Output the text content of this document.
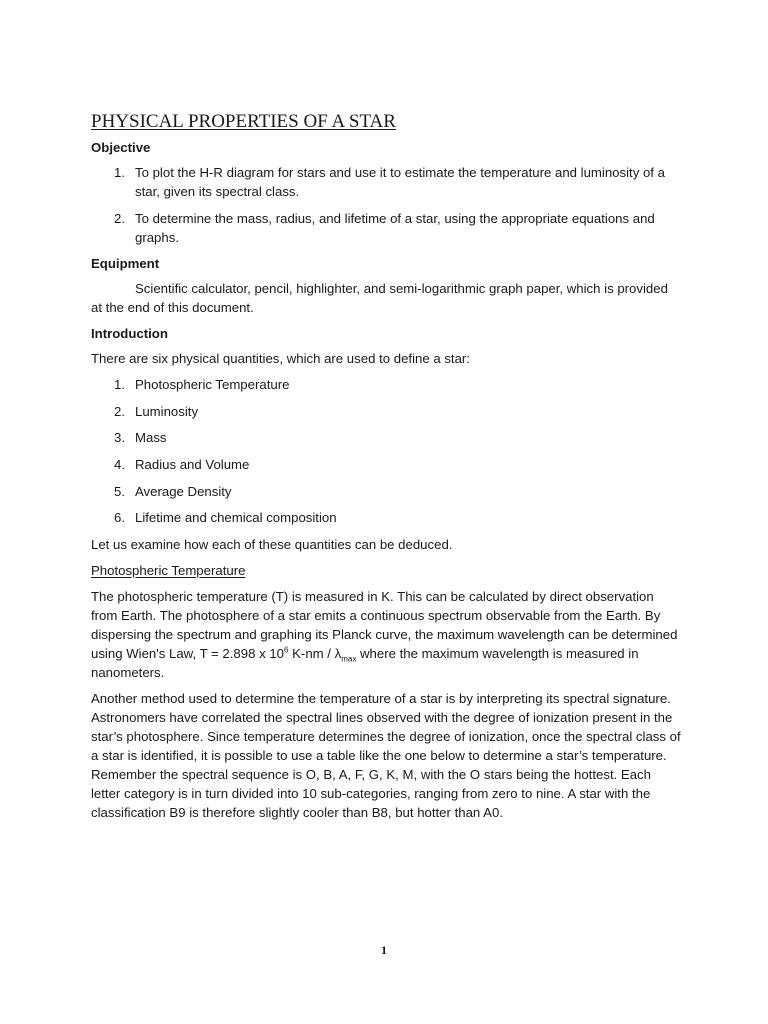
PHYSICAL PROPERTIES OF A STAR
Objective
1. To plot the H-R diagram for stars and use it to estimate the temperature and luminosity of a star, given its spectral class.
2. To determine the mass, radius, and lifetime of a star, using the appropriate equations and graphs.
Equipment

Scientific calculator, pencil, highlighter, and semi-logarithmic graph paper, which is provided at the end of this document.

Introduction

There are six physical quantities, which are used to define a star:

1. Photospheric Temperature
2. Luminosity
3. Mass
4. Radius and Volume
5. Average Density
6. Lifetime and chemical composition

Let us examine how each of these quantities can be deduced.

Photospheric Temperature

The photospheric temperature (T) is measured in K. This can be calculated by direct observation from Earth. The photosphere of a star emits a continuous spectrum observable from the Earth. By dispersing the spectrum and graphing its Planck curve, the maximum wavelength can be determined using Wien's Law, T = 2.898 x $10^6$ $K-nm / \lambda_{max}$ where the maximum wavelength is measured in nanometers.

Another method used to determine the temperature of a star is by interpreting its spectral signature. Astronomers have correlated the spectral lines observed with the degree of ionization present in the star’s photosphere. Since temperature determines the degree of ionization, once the spectral class of a star is identified, it is possible to use a table like the one below to determine a star’s temperature. Remember the spectral sequence is O, B, A, F, G, K, M, with the O stars being the hottest. Each letter category is in turn divided into 10 sub-categories, ranging from zero to nine. A star with the classification B9 is therefore slightly cooler than B8, but hotter than A0.

1
